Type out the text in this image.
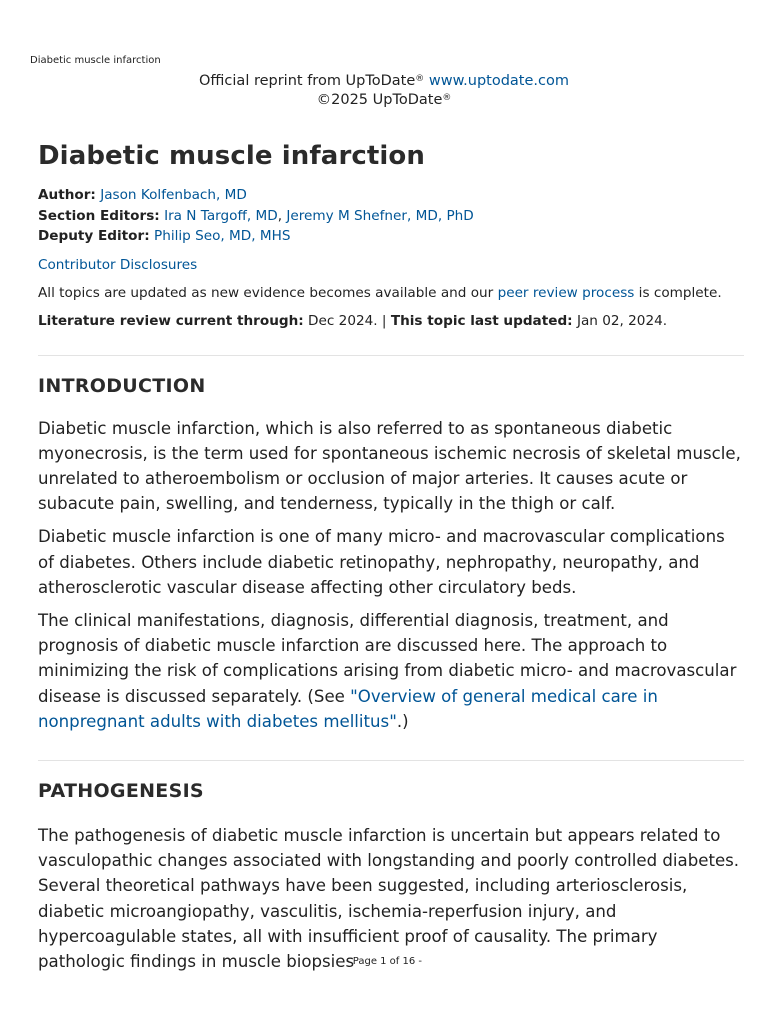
Diabetic muscle infarction
Official reprint from UpToDate® www.uptodate.com
©2025 UpToDate®
Diabetic muscle infarction
Author: Jason Kolfenbach, MD
Section Editors: Ira N Targoff, MD, Jeremy M Shefner, MD, PhD
Deputy Editor: Philip Seo, MD, MHS
Contributor Disclosures
All topics are updated as new evidence becomes available and our peer review process is complete.
Literature review current through: Dec 2024. | This topic last updated: Jan 02, 2024.
INTRODUCTION

Diabetic muscle infarction, which is also referred to as spontaneous diabetic myonecrosis, is the term used for spontaneous ischemic necrosis of skeletal muscle, unrelated to atheroembolism or occlusion of major arteries. It causes acute or subacute pain, swelling, and tenderness, typically in the thigh or calf.

Diabetic muscle infarction is one of many micro- and macrovascular complications of diabetes. Others include diabetic retinopathy, nephropathy, neuropathy, and atherosclerotic vascular disease affecting other circulatory beds.

The clinical manifestations, diagnosis, differential diagnosis, treatment, and prognosis of diabetic muscle infarction are discussed here. The approach to minimizing the risk of complications arising from diabetic micro- and macrovascular disease is discussed separately. (See "Overview of general medical care in nonpregnant adults with diabetes mellitus".)

PATHOGENESIS

The pathogenesis of diabetic muscle infarction is uncertain but appears related to vasculopathic changes associated with longstanding and poorly controlled diabetes. Several theoretical pathways have been suggested, including arteriosclerosis, diabetic microangiopathy, vasculitis, ischemia-reperfusion injury, and hypercoagulable states, all with insufficient proof of causality. The primary pathologic findings in muscle biopsies

- Page 1 of 16 -
